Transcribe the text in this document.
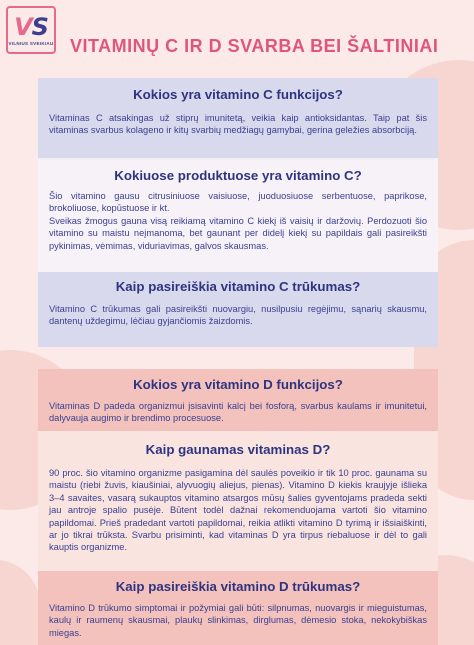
VS
VILNIUS SVEIKIAU VITAMINŲ C IR D SVARBA BEI ŠALTINIAI
Kokios yra vitamino C funkcijos?

Vitaminas C atsakingas už stiprų imunitetą, veikia kaip antioksidantas. Taip pat šis vitaminas svarbus kolageno ir kitų svarbių medžiagų gamybai, gerina geležies absorbciją.

Kokiuose produktuose yra vitamino C?

Šio vitamino gausu citrusiniuose vaisiuose, juoduosiuose serbentuose, paprikose, brokoliuose, kopūstuose ir kt.

Sveikas žmogus gauna visą reikiamą vitamino C kiekį iš vaisių ir daržovių. Perdozuoti šio vitamino su maistu neįmanoma, bet gaunant per didelį kiekį su papildais gali pasireikšti pykinimas, vėmimas, viduriavimas, galvos skausmas.

Kaip pasireiškia vitamino C trūkumas?

Vitamino C trūkumas gali pasireikšti nuovargiu, nusilpusiu regėjimu, sąnarių skausmu, dantenų uždegimu, lėčiau gyjančiomis žaizdomis.

Kokios yra vitamino D funkcijos?

Vitaminas D padeda organizmui įsisavinti kalcį bei fosforą, svarbus kaulams ir imunitetui, dalyvauja augimo ir brendimo procesuose.

Kaip gaunamas vitaminas D?

90 proc. šio vitamino organizme pasigamina dėl saulės poveikio ir tik 10 proc. gaunama su maistu (riebi žuvis, kiaušiniai, alyvuogių aliejus, pienas). Vitamino D kiekis kraujyje išlieka 3–4 savaites, vasarą sukauptos vitamino atsargos mūsų šalies gyventojams pradeda sekti jau antroje spalio pusėje. Būtent todėl dažnai rekomenduojama vartoti šio vitamino papildomai. Prieš pradedant vartoti papildomai, reikia atlikti vitamino D tyrimą ir išsiaiškinti, ar jo tikrai trūksta. Svarbu prisiminti, kad vitaminas D yra tirpus riebaluose ir dėl to gali kauptis organizme.

Kaip pasireiškia vitamino D trūkumas?

Vitamino D trūkumo simptomai ir požymiai gali būti: silpnumas, nuovargis ir mieguistumas, kaulų ir raumenų skausmai, plaukų slinkimas, dirglumas, dėmesio stoka, nekokybiškas miegas.
